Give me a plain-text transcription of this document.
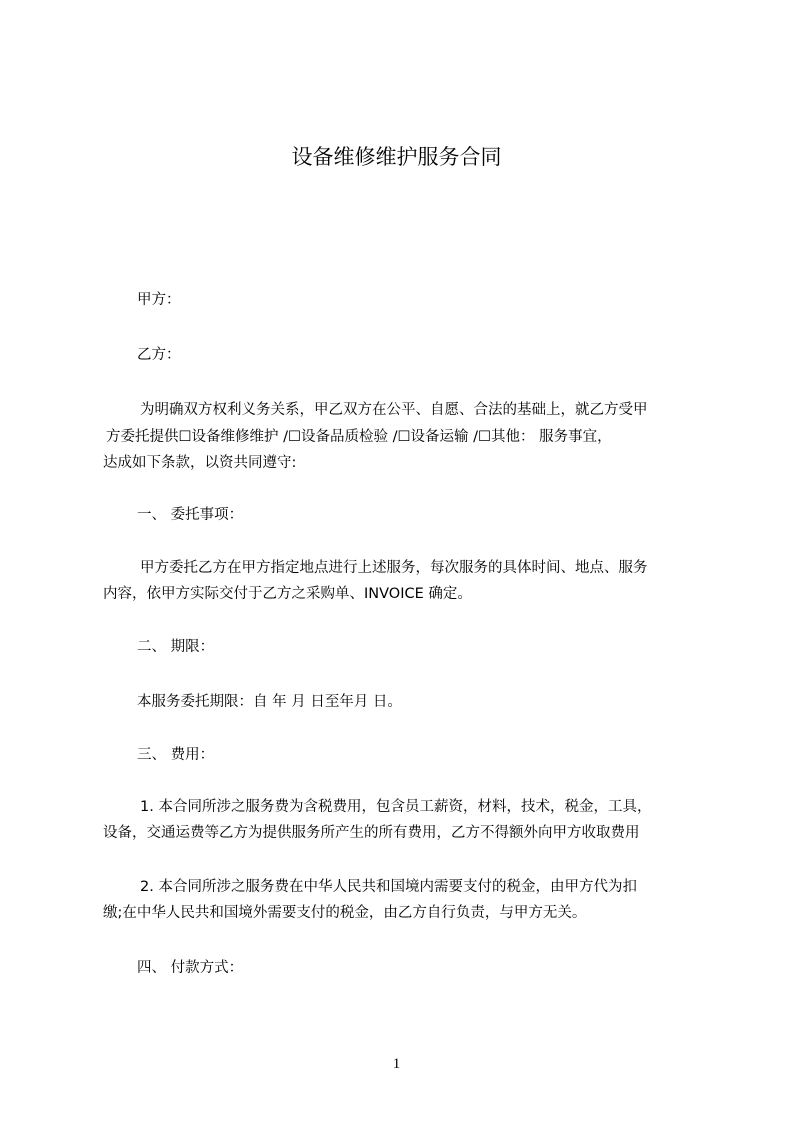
设备维修维护服务合同
甲方：
乙方：
为明确双方权利义务关系，甲乙双方在公平、自愿、合法的基础上，就乙方受甲
方委托提供☐设备维修维护 /☐设备品质检验 /☐设备运输 /☐其他： 服务事宜，
达成如下条款，以资共同遵守:
一、 委托事项：
甲方委托乙方在甲方指定地点进行上述服务，每次服务的具体时间、地点、服务
内容，依甲方实际交付于乙方之采购单、INVOICE 确定。
二、 期限：
本服务委托期限：自 年 月 日至年月 日。
三、 费用：
1. 本合同所涉之服务费为含税费用，包含员工薪资，材料，技术，税金，工具，
设备，交通运费等乙方为提供服务所产生的所有费用，乙方不得额外向甲方收取费用
2. 本合同所涉之服务费在中华人民共和国境内需要支付的税金，由甲方代为扣
缴;在中华人民共和国境外需要支付的税金，由乙方自行负责，与甲方无关。
四、 付款方式：
1
